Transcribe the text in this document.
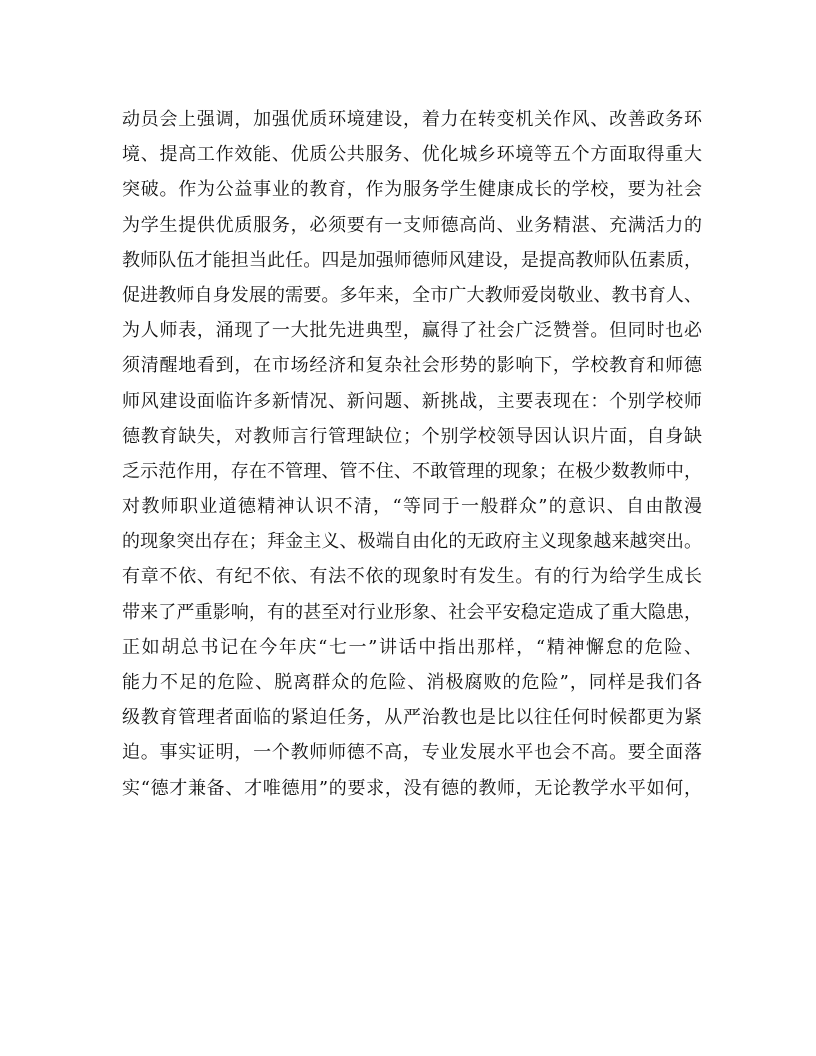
动员会上强调，加强优质环境建设，着力在转变机关作风、改善政务环
境、提高工作效能、优质公共服务、优化城乡环境等五个方面取得重大
突破。作为公益事业的教育，作为服务学生健康成长的学校，要为社会
为学生提供优质服务，必须要有一支师德高尚、业务精湛、充满活力的
教师队伍才能担当此任。四是加强师德师风建设，是提高教师队伍素质，
促进教师自身发展的需要。多年来，全市广大教师爱岗敬业、教书育人、
为人师表，涌现了一大批先进典型，赢得了社会广泛赞誉。但同时也必
须清醒地看到，在市场经济和复杂社会形势的影响下，学校教育和师德
师风建设面临许多新情况、新问题、新挑战，主要表现在：个别学校师
德教育缺失，对教师言行管理缺位；个别学校领导因认识片面，自身缺
乏示范作用，存在不管理、管不住、不敢管理的现象；在极少数教师中，
对教师职业道德精神认识不清，“等同于一般群众”的意识、自由散漫
的现象突出存在；拜金主义、极端自由化的无政府主义现象越来越突出。
有章不依、有纪不依、有法不依的现象时有发生。有的行为给学生成长
带来了严重影响，有的甚至对行业形象、社会平安稳定造成了重大隐患，
正如胡总书记在今年庆“七一”讲话中指出那样，“精神懈怠的危险、
能力不足的危险、脱离群众的危险、消极腐败的危险”，同样是我们各
级教育管理者面临的紧迫任务，从严治教也是比以往任何时候都更为紧
迫。事实证明，一个教师师德不高，专业发展水平也会不高。要全面落
实“德才兼备、才唯德用”的要求，没有德的教师，无论教学水平如何，
